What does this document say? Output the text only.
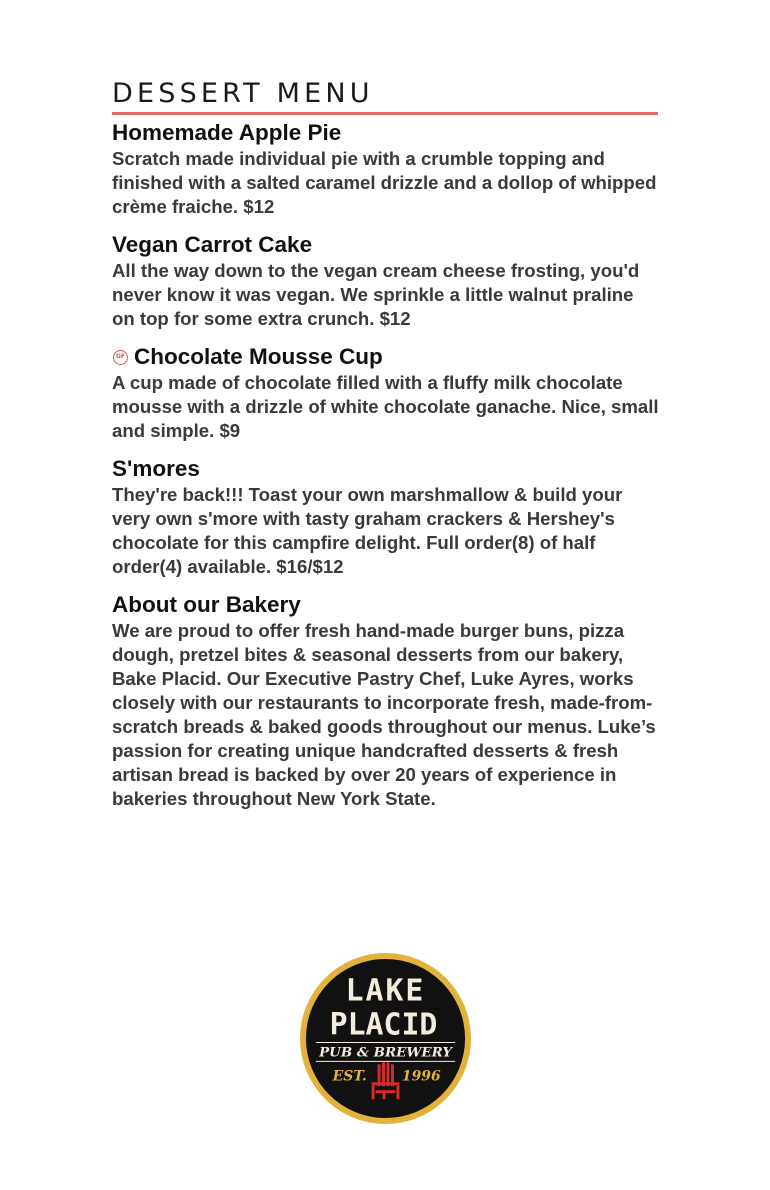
DESSERT MENU
Homemade Apple Pie

Scratch made individual pie with a crumble topping and finished with a salted caramel drizzle and a dollop of whipped crème fraiche. $12

Vegan Carrot Cake

All the way down to the vegan cream cheese frosting, you'd never know it was vegan. We sprinkle a little walnut praline on top for some extra crunch. $12

GF Chocolate Mousse Cup

A cup made of chocolate filled with a fluffy milk chocolate mousse with a drizzle of white chocolate ganache. Nice, small and simple. $9

S'mores

They're back!!! Toast your own marshmallow & build your very own s'more with tasty graham crackers & Hershey's chocolate for this campfire delight. Full order(8) of half order(4) available. $16/$12

About our Bakery

We are proud to offer fresh hand-made burger buns, pizza dough, pretzel bites & seasonal desserts from our bakery, Bake Placid. Our Executive Pastry Chef, Luke Ayres, works closely with our restaurants to incorporate fresh, made-from-scratch breads & baked goods throughout our menus. Luke’s passion for creating unique handcrafted desserts & fresh artisan bread is backed by over 20 years of experience in bakeries throughout New York State.

LAKE
PLACID
PUB & BREWERY
EST.	1996
